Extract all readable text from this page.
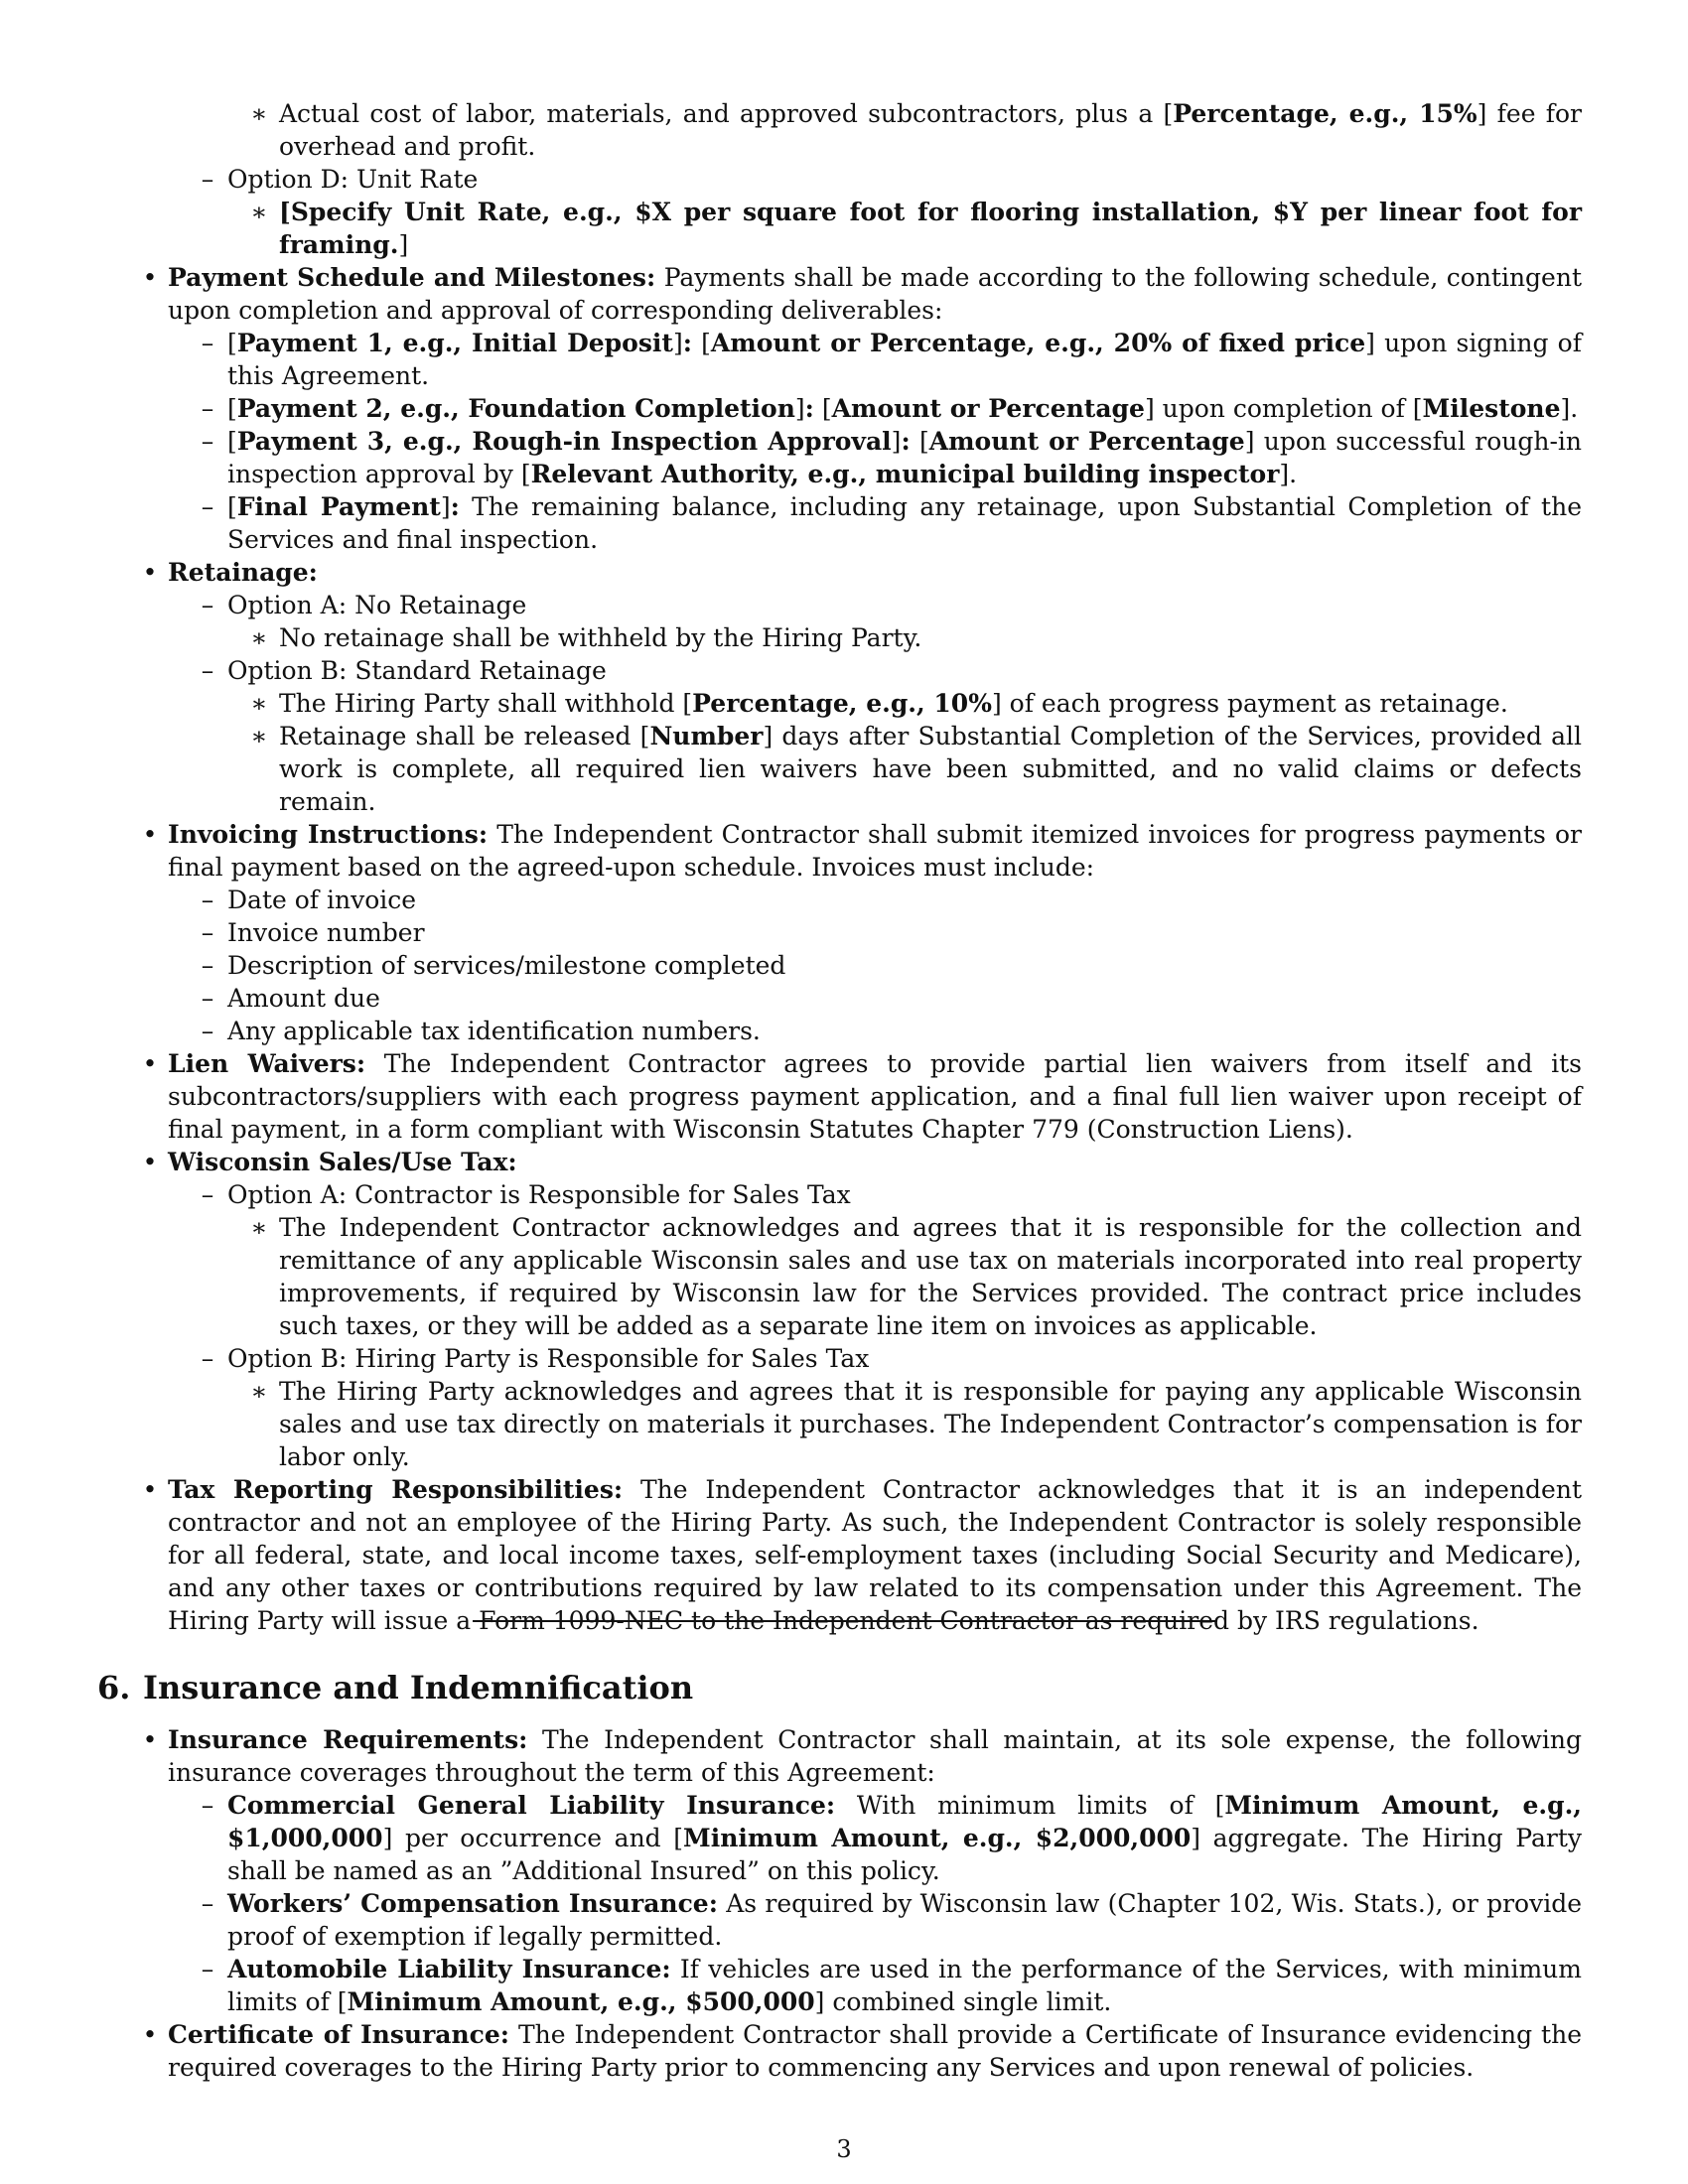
∗ Actual cost of labor, materials, and approved subcontractors, plus a [Percentage, e.g., 15%] fee for overhead and profit.
– Option D: Unit Rate
∗ [Specify Unit Rate, e.g., $X per square foot for flooring installation, $Y per linear foot for framing.]
• Payment Schedule and Milestones: Payments shall be made according to the following schedule, contingent upon completion and approval of corresponding deliverables:
– [Payment 1, e.g., Initial Deposit]: [Amount or Percentage, e.g., 20% of fixed price] upon signing of this Agreement.
– [Payment 2, e.g., Foundation Completion]: [Amount or Percentage] upon completion of [Milestone].
– [Payment 3, e.g., Rough-in Inspection Approval]: [Amount or Percentage] upon successful rough-in inspection approval by [Relevant Authority, e.g., municipal building inspector].
– [Final Payment]: The remaining balance, including any retainage, upon Substantial Completion of the Services and final inspection.
• Retainage:
– Option A: No Retainage
∗ No retainage shall be withheld by the Hiring Party.
– Option B: Standard Retainage
∗ The Hiring Party shall withhold [Percentage, e.g., 10%] of each progress payment as retainage.
∗ Retainage shall be released [Number] days after Substantial Completion of the Services, provided all work is complete, all required lien waivers have been submitted, and no valid claims or defects remain.
• Invoicing Instructions: The Independent Contractor shall submit itemized invoices for progress payments or final payment based on the agreed-upon schedule. Invoices must include:
– Date of invoice
– Invoice number
– Description of services/milestone completed
– Amount due
– Any applicable tax identification numbers.
• Lien Waivers: The Independent Contractor agrees to provide partial lien waivers from itself and its subcontractors/suppliers with each progress payment application, and a final full lien waiver upon receipt of final payment, in a form compliant with Wisconsin Statutes Chapter 779 (Construction Liens).
• Wisconsin Sales/Use Tax:
– Option A: Contractor is Responsible for Sales Tax
∗ The Independent Contractor acknowledges and agrees that it is responsible for the collection and remittance of any applicable Wisconsin sales and use tax on materials incorporated into real property improvements, if required by Wisconsin law for the Services provided. The contract price includes such taxes, or they will be added as a separate line item on invoices as applicable.
– Option B: Hiring Party is Responsible for Sales Tax
∗ The Hiring Party acknowledges and agrees that it is responsible for paying any applicable Wisconsin sales and use tax directly on materials it purchases. The Independent Contractor’s compensation is for labor only.
• Tax Reporting Responsibilities: The Independent Contractor acknowledges that it is an independent contractor and not an employee of the Hiring Party. As such, the Independent Contractor is solely responsible for all federal, state, and local income taxes, self-employment taxes (including Social Security and Medicare), and any other taxes or contributions required by law related to its compensation under this Agreement. The Hiring Party will issue a Form 1099-NEC to the Independent Contractor as required by IRS regulations.
6. Insurance and Indemnification
• Insurance Requirements: The Independent Contractor shall maintain, at its sole expense, the following insurance coverages throughout the term of this Agreement:
– Commercial General Liability Insurance: With minimum limits of [Minimum Amount, e.g., $1,000,000] per occurrence and [Minimum Amount, e.g., $2,000,000] aggregate. The Hiring Party shall be named as an ”Additional Insured” on this policy.
– Workers’ Compensation Insurance: As required by Wisconsin law (Chapter 102, Wis. Stats.), or provide proof of exemption if legally permitted.
– Automobile Liability Insurance: If vehicles are used in the performance of the Services, with minimum limits of [Minimum Amount, e.g., $500,000] combined single limit.
• Certificate of Insurance: The Independent Contractor shall provide a Certificate of Insurance evidencing the required coverages to the Hiring Party prior to commencing any Services and upon renewal of policies.
3
